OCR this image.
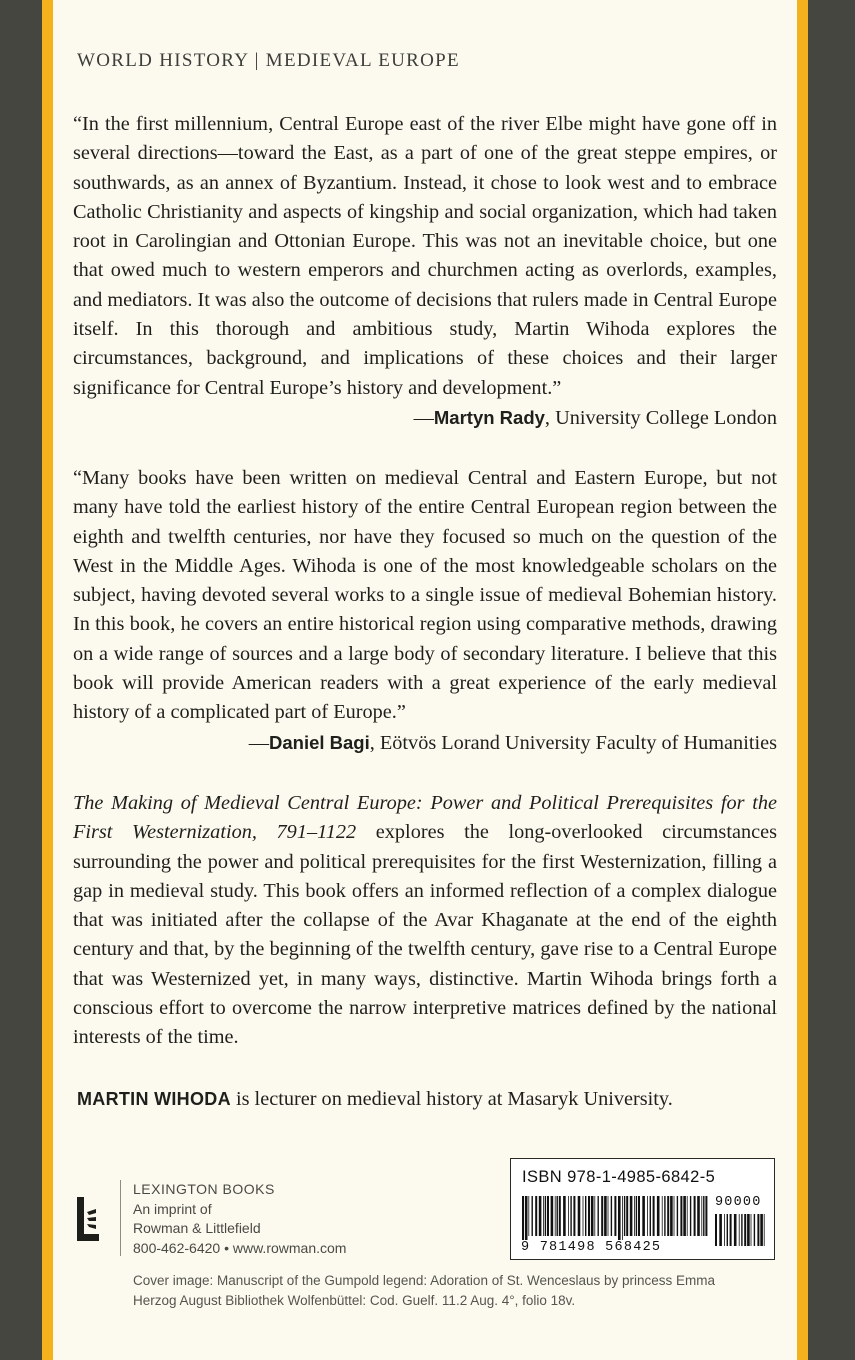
WORLD HISTORY | MEDIEVAL EUROPE
“In the first millennium, Central Europe east of the river Elbe might have gone off in several directions—toward the East, as a part of one of the great steppe empires, or southwards, as an annex of Byzantium. Instead, it chose to look west and to embrace Catholic Christianity and aspects of kingship and social organization, which had taken root in Carolingian and Ottonian Europe. This was not an inevitable choice, but one that owed much to western emperors and churchmen acting as overlords, examples, and mediators. It was also the outcome of decisions that rulers made in Central Europe itself. In this thorough and ambitious study, Martin Wihoda explores the circumstances, background, and implications of these choices and their larger significance for Central Europe’s history and development.”
—Martyn Rady, University College London
“Many books have been written on medieval Central and Eastern Europe, but not many have told the earliest history of the entire Central European region between the eighth and twelfth centuries, nor have they focused so much on the question of the West in the Middle Ages. Wihoda is one of the most knowledgeable scholars on the subject, having devoted several works to a single issue of medieval Bohemian history. In this book, he covers an entire historical region using comparative methods, drawing on a wide range of sources and a large body of secondary literature. I believe that this book will provide American readers with a great experience of the early medieval history of a complicated part of Europe.”
—Daniel Bagi, Eötvös Lorand University Faculty of Humanities
The Making of Medieval Central Europe: Power and Political Prerequisites for the First Westernization, 791–1122 explores the long-overlooked circumstances surrounding the power and political prerequisites for the first Westernization, filling a gap in medieval study. This book offers an informed reflection of a complex dialogue that was initiated after the collapse of the Avar Khaganate at the end of the eighth century and that, by the beginning of the twelfth century, gave rise to a Central Europe that was Westernized yet, in many ways, distinctive. Martin Wihoda brings forth a conscious effort to overcome the narrow interpretive matrices defined by the national interests of the time.
MARTIN WIHODA is lecturer on medieval history at Masaryk University.
LEXINGTON BOOKS
An imprint of
Rowman & Littlefield
800-462-6420 • www.rowman.com
ISBN 978-1-4985-6842-5
90000
9 781498 568425
Cover image: Manuscript of the Gumpold legend: Adoration of St. Wenceslaus by princess Emma
Herzog August Bibliothek Wolfenbüttel: Cod. Guelf. 11.2 Aug. 4°, folio 18v.
